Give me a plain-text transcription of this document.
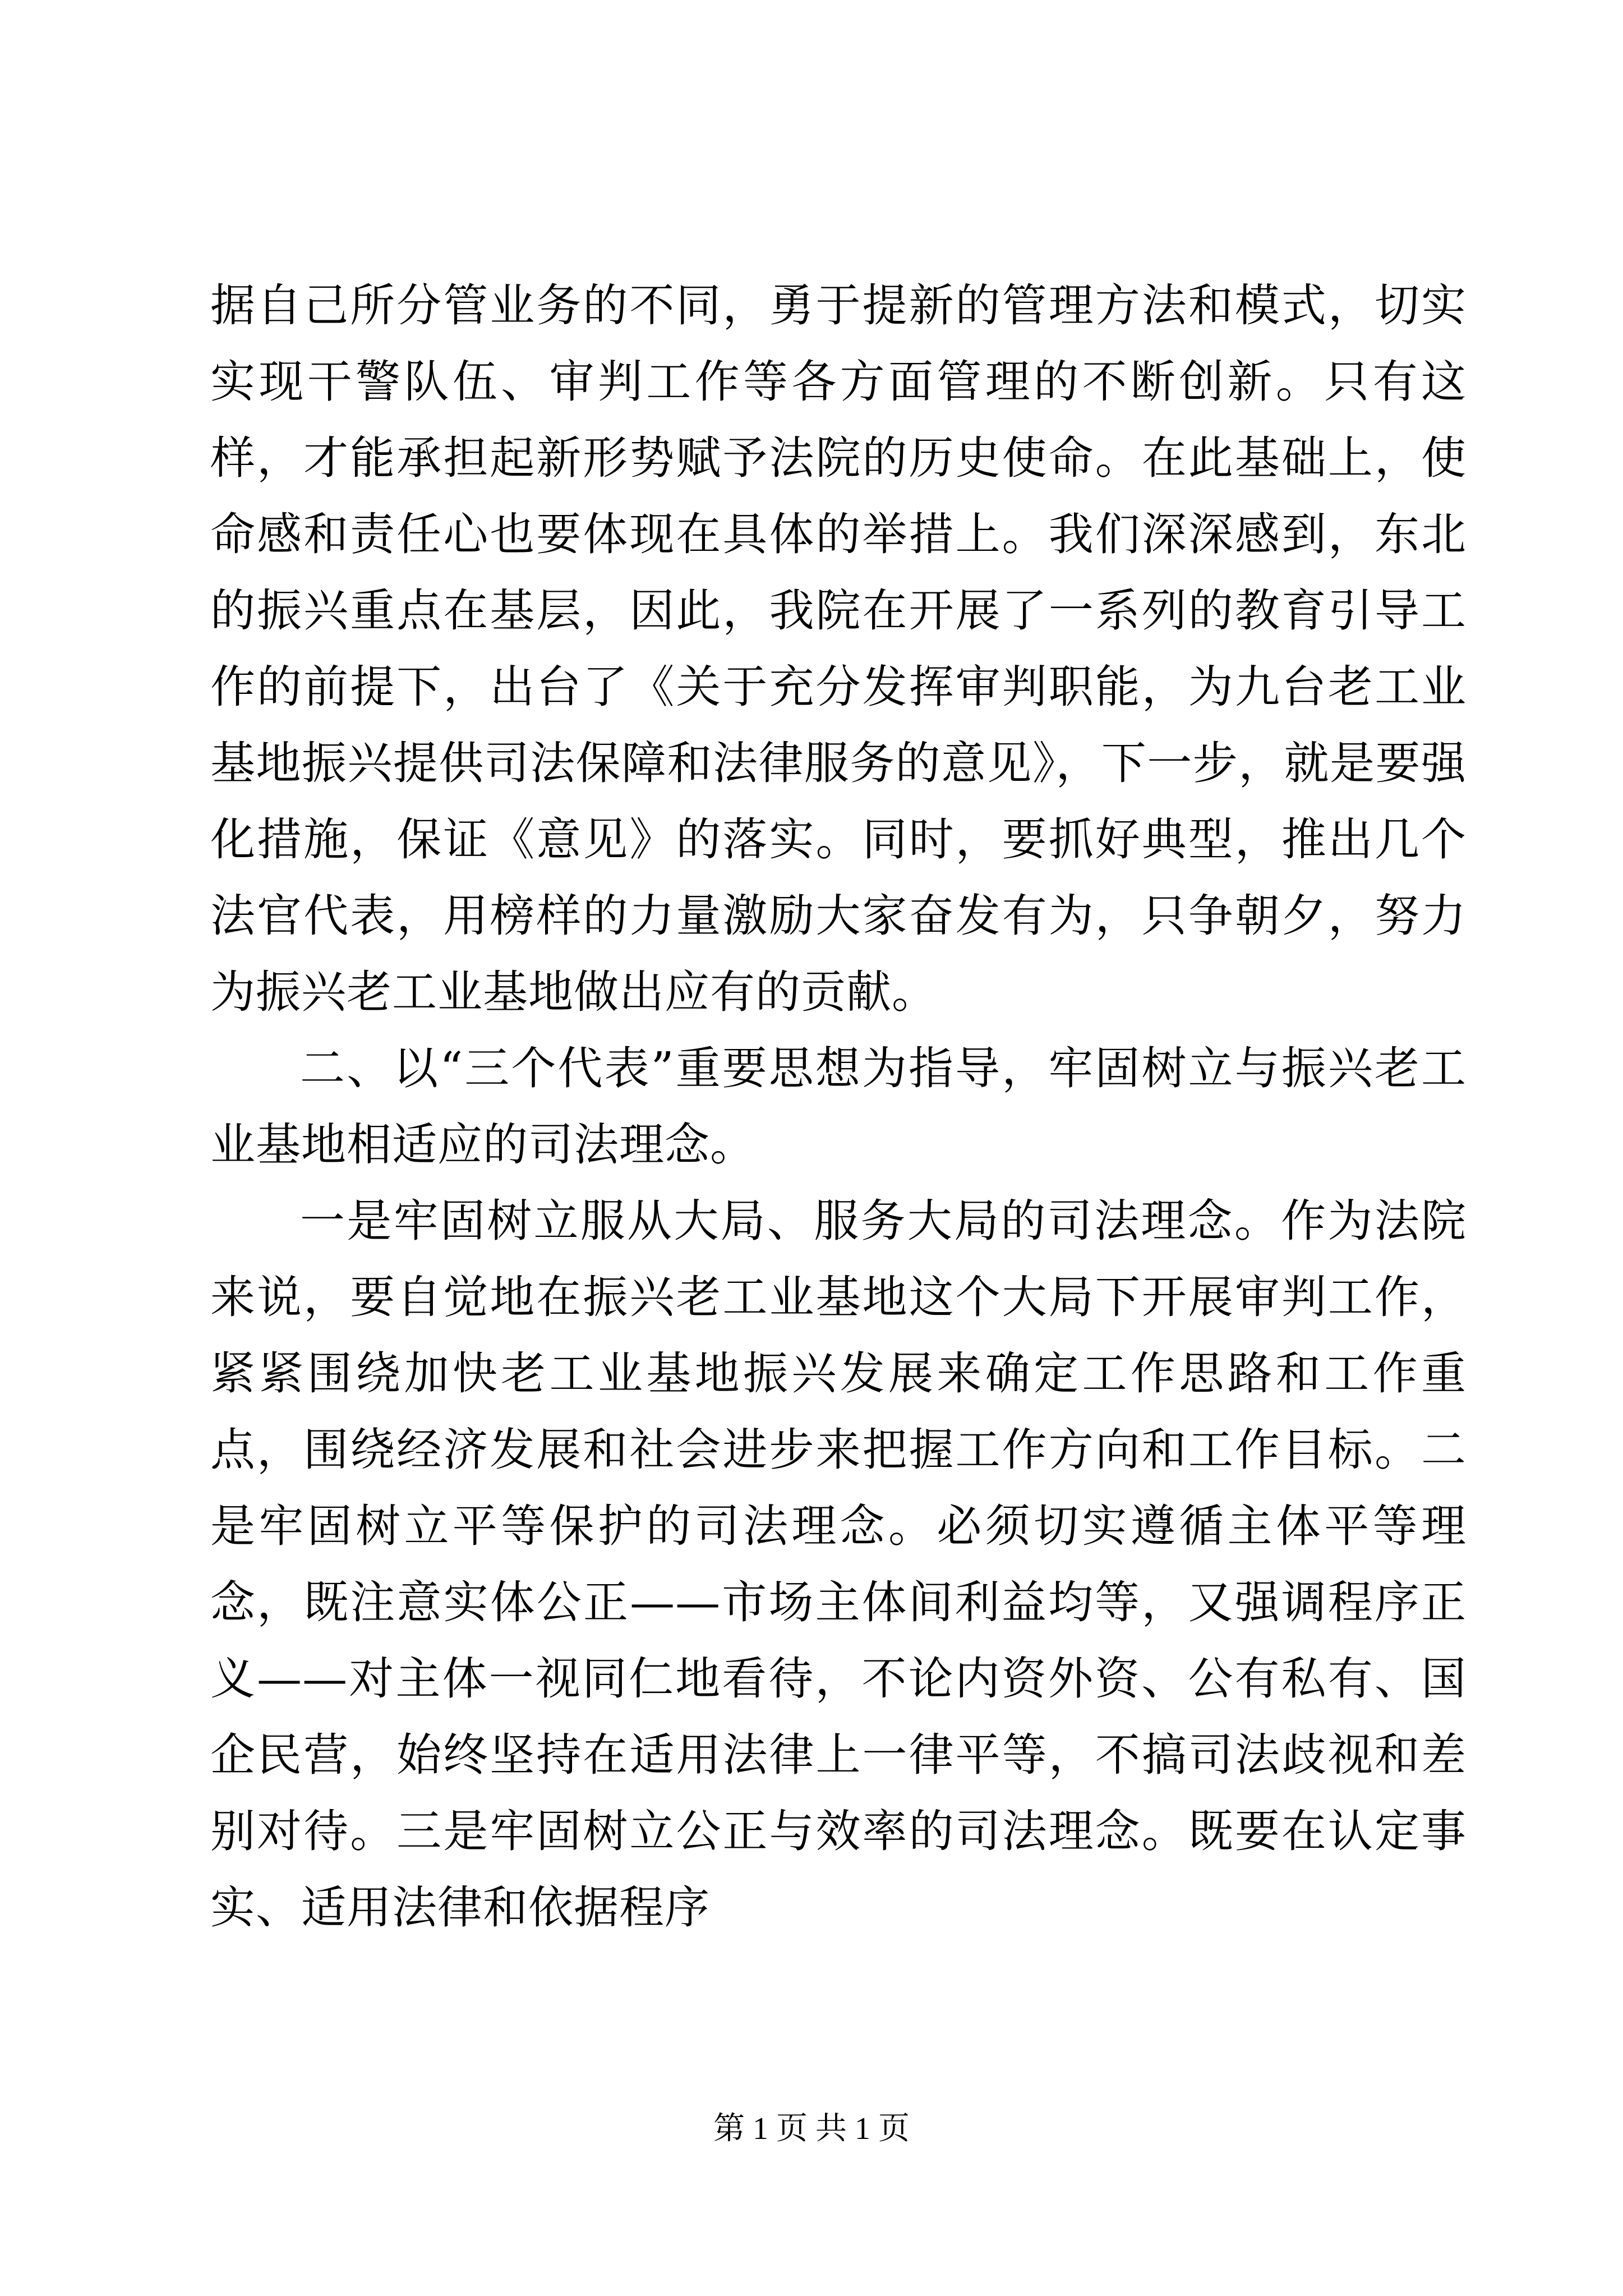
据自己所分管业务的不同，勇于提新的管理方法和模式，切实实现干警队伍、审判工作等各方面管理的不断创新。只有这样，才能承担起新形势赋予法院的历史使命。在此基础上，使命感和责任心也要体现在具体的举措上。我们深深感到，东北的振兴重点在基层，因此，我院在开展了一系列的教育引导工作的前提下，出台了《关于充分发挥审判职能，为九台老工业基地振兴提供司法保障和法律服务的意见》，下一步，就是要强化措施，保证《意见》的落实。同时，要抓好典型，推出几个法官代表，用榜样的力量激励大家奋发有为，只争朝夕，努力为振兴老工业基地做出应有的贡献。

二、以“三个代表”重要思想为指导，牢固树立与振兴老工业基地相适应的司法理念。

一是牢固树立服从大局、服务大局的司法理念。作为法院来说，要自觉地在振兴老工业基地这个大局下开展审判工作，紧紧围绕加快老工业基地振兴发展来确定工作思路和工作重点，围绕经济发展和社会进步来把握工作方向和工作目标。二是牢固树立平等保护的司法理念。必须切实遵循主体平等理念，既注意实体公正——市场主体间利益均等，又强调程序正义——对主体一视同仁地看待，不论内资外资、公有私有、国企民营，始终坚持在适用法律上一律平等，不搞司法歧视和差别对待。三是牢固树立公正与效率的司法理念。既要在认定事实、适用法律和依据程序

第 1 页 共 1 页
